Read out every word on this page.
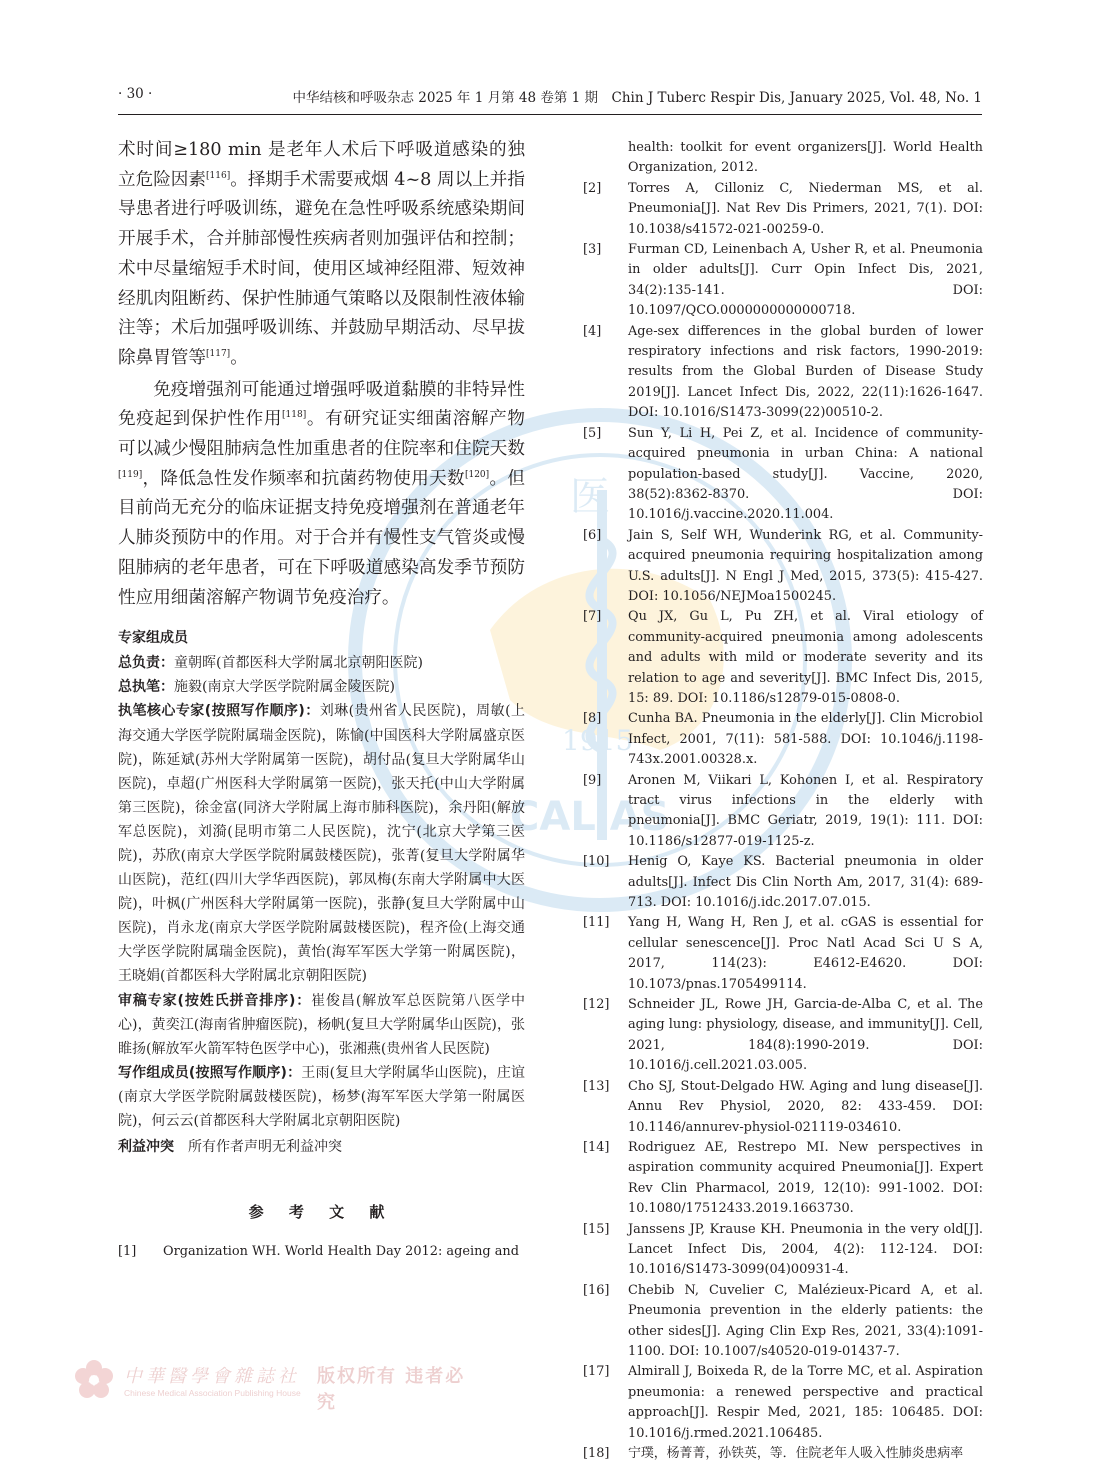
医
1915
CAL AS
· 30 ·	中华结核和呼吸杂志 2025 年 1 月第 48 卷第 1 期　Chin J Tuberc Respir Dis, January 2025, Vol. 48, No. 1

术时间≥180 min 是老年人术后下呼吸道感染的独立危险因素[116]。择期手术需要戒烟 4~8 周以上并指导患者进行呼吸训练，避免在急性呼吸系统感染期间开展手术，合并肺部慢性疾病者则加强评估和控制；术中尽量缩短手术时间，使用区域神经阻滞、短效神经肌肉阻断药、保护性肺通气策略以及限制性液体输注等；术后加强呼吸训练、并鼓励早期活动、尽早拔除鼻胃管等[117]。

免疫增强剂可能通过增强呼吸道黏膜的非特异性免疫起到保护性作用[118]。有研究证实细菌溶解产物可以减少慢阻肺病急性加重患者的住院率和住院天数[119]，降低急性发作频率和抗菌药物使用天数[120]。但目前尚无充分的临床证据支持免疫增强剂在普通老年人肺炎预防中的作用。对于合并有慢性支气管炎或慢阻肺病的老年患者，可在下呼吸道感染高发季节预防性应用细菌溶解产物调节免疫治疗。

专家组成员

总负责：童朝晖(首都医科大学附属北京朝阳医院)

总执笔：施毅(南京大学医学院附属金陵医院)

执笔核心专家(按照写作顺序)：刘琳(贵州省人民医院)，周敏(上海交通大学医学院附属瑞金医院)，陈愉(中国医科大学附属盛京医院)，陈延斌(苏州大学附属第一医院)，胡付品(复旦大学附属华山医院)，卓超(广州医科大学附属第一医院)，张天托(中山大学附属第三医院)，徐金富(同济大学附属上海市肺科医院)，余丹阳(解放军总医院)，刘漪(昆明市第二人民医院)，沈宁(北京大学第三医院)，苏欣(南京大学医学院附属鼓楼医院)，张菁(复旦大学附属华山医院)，范红(四川大学华西医院)，郭凤梅(东南大学附属中大医院)，叶枫(广州医科大学附属第一医院)，张静(复旦大学附属中山医院)，肖永龙(南京大学医学院附属鼓楼医院)，程齐俭(上海交通大学医学院附属瑞金医院)，黄怡(海军军医大学第一附属医院)，王晓娟(首都医科大学附属北京朝阳医院)

审稿专家(按姓氏拼音排序)：崔俊昌(解放军总医院第八医学中心)，黄奕江(海南省肿瘤医院)，杨帆(复旦大学附属华山医院)，张睢扬(解放军火箭军特色医学中心)，张湘燕(贵州省人民医院)

写作组成员(按照写作顺序)：王雨(复旦大学附属华山医院)，庄谊(南京大学医学院附属鼓楼医院)，杨梦(海军军医大学第一附属医院)，何云云(首都医科大学附属北京朝阳医院)

利益冲突 所有作者声明无利益冲突

参 考 文 献

[1] Organization WH. World Health Day 2012: ageing and

health: toolkit for event organizers[J]. World Health Organization, 2012.

[2] Torres A, Cilloniz C, Niederman MS, et al. Pneumonia[J]. Nat Rev Dis Primers, 2021, 7(1). DOI: 10.1038/s41572-021-00259-0.

[3] Furman CD, Leinenbach A, Usher R, et al. Pneumonia in older adults[J]. Curr Opin Infect Dis, 2021, 34(2):135-141. DOI: 10.1097/QCO.0000000000000718.

[4] Age-sex differences in the global burden of lower respiratory infections and risk factors, 1990-2019: results from the Global Burden of Disease Study 2019[J]. Lancet Infect Dis, 2022, 22(11):1626-1647. DOI: 10.1016/S1473-3099(22)00510-2.

[5] Sun Y, Li H, Pei Z, et al. Incidence of community-acquired pneumonia in urban China: A national population-based study[J]. Vaccine, 2020, 38(52):8362-8370. DOI: 10.1016/j.vaccine.2020.11.004.

[6] Jain S, Self WH, Wunderink RG, et al. Community-acquired pneumonia requiring hospitalization among U.S. adults[J]. N Engl J Med, 2015, 373(5): 415-427. DOI: 10.1056/NEJMoa1500245.

[7] Qu JX, Gu L, Pu ZH, et al. Viral etiology of community-acquired pneumonia among adolescents and adults with mild or moderate severity and its relation to age and severity[J]. BMC Infect Dis, 2015, 15: 89. DOI: 10.1186/s12879-015-0808-0.

[8] Cunha BA. Pneumonia in the elderly[J]. Clin Microbiol Infect, 2001, 7(11): 581-588. DOI: 10.1046/j.1198-743x.2001.00328.x.

[9] Aronen M, Viikari L, Kohonen I, et al. Respiratory tract virus infections in the elderly with pneumonia[J]. BMC Geriatr, 2019, 19(1): 111. DOI: 10.1186/s12877-019-1125-z.

[10] Henig O, Kaye KS. Bacterial pneumonia in older adults[J]. Infect Dis Clin North Am, 2017, 31(4): 689-713. DOI: 10.1016/j.idc.2017.07.015.

[11] Yang H, Wang H, Ren J, et al. cGAS is essential for cellular senescence[J]. Proc Natl Acad Sci U S A, 2017, 114(23): E4612-E4620. DOI: 10.1073/pnas.1705499114.

[12] Schneider JL, Rowe JH, Garcia-de-Alba C, et al. The aging lung: physiology, disease, and immunity[J]. Cell, 2021, 184(8):1990-2019. DOI: 10.1016/j.cell.2021.03.005.

[13] Cho SJ, Stout-Delgado HW. Aging and lung disease[J]. Annu Rev Physiol, 2020, 82: 433-459. DOI: 10.1146/annurev-physiol-021119-034610.

[14] Rodriguez AE, Restrepo MI. New perspectives in aspiration community acquired Pneumonia[J]. Expert Rev Clin Pharmacol, 2019, 12(10): 991-1002. DOI: 10.1080/17512433.2019.1663730.

[15] Janssens JP, Krause KH. Pneumonia in the very old[J]. Lancet Infect Dis, 2004, 4(2): 112-124. DOI: 10.1016/S1473-3099(04)00931-4.

[16] Chebib N, Cuvelier C, Malézieux-Picard A, et al. Pneumonia prevention in the elderly patients: the other sides[J]. Aging Clin Exp Res, 2021, 33(4):1091-1100. DOI: 10.1007/s40520-019-01437-7.

[17] Almirall J, Boixeda R, de la Torre MC, et al. Aspiration pneumonia: a renewed perspective and practical approach[J]. Respir Med, 2021, 185: 106485. DOI: 10.1016/j.rmed.2021.106485.

[18] 宁璞，杨菁菁，孙铁英，等．住院老年人吸入性肺炎患病率

中華醫學會雜誌社
Chinese Medical Association Publishing House
版权所有 违者必究
